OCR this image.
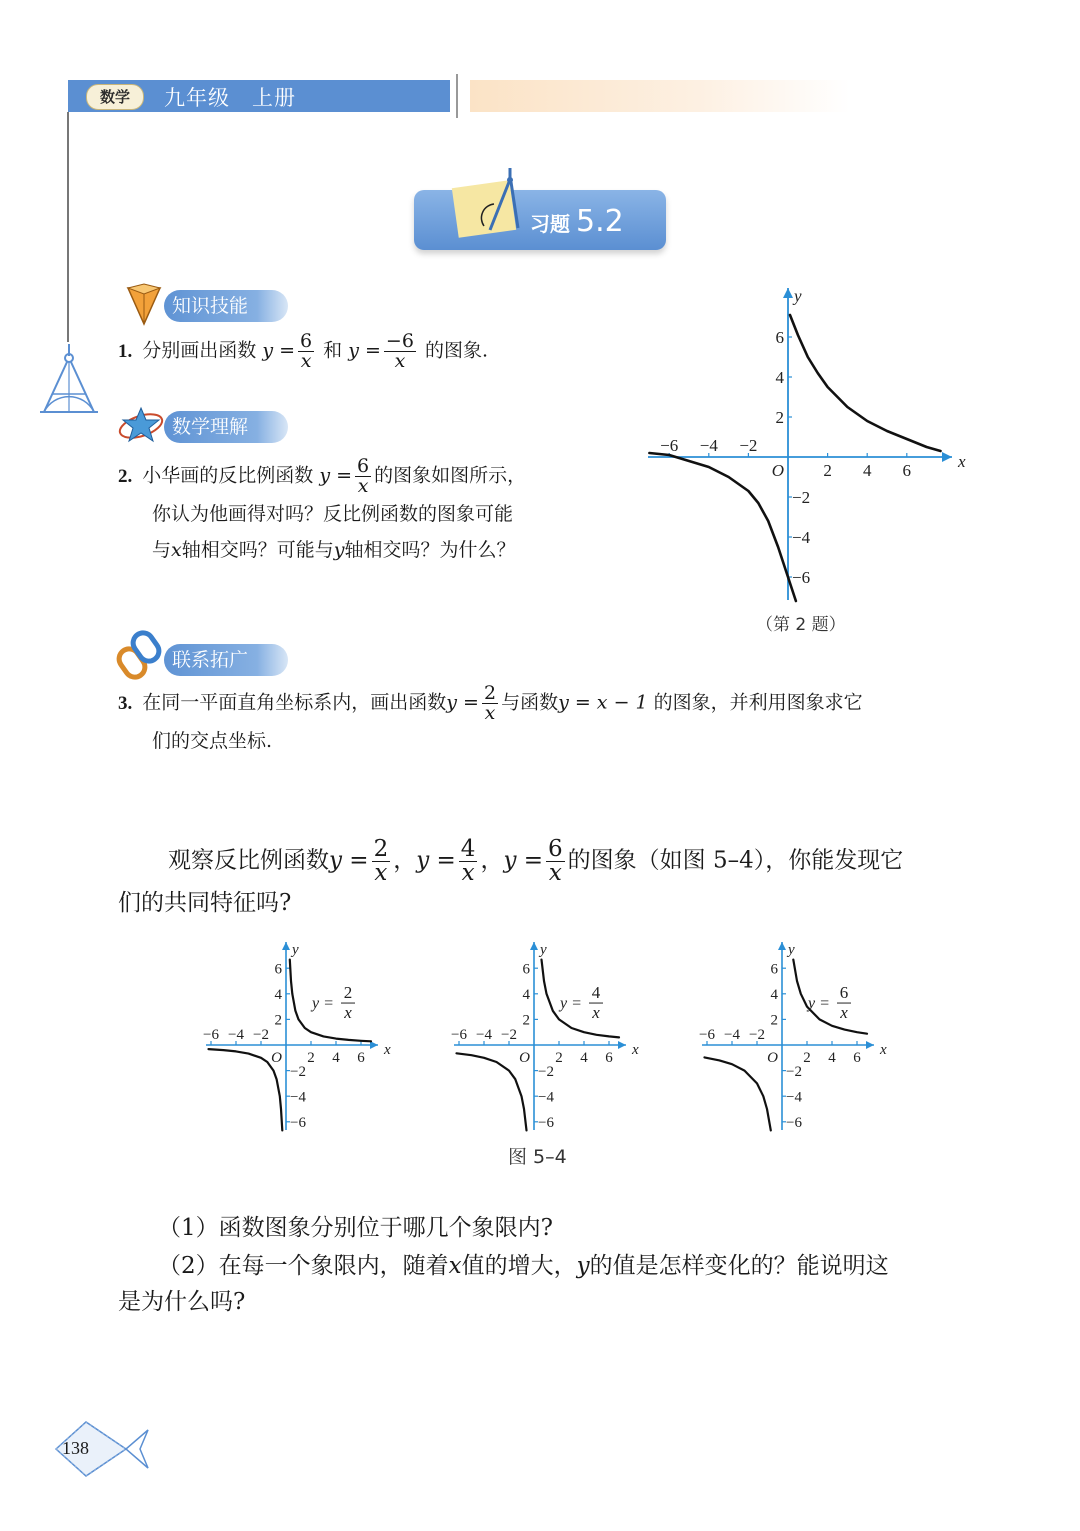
数学	九年级　上册
习题 5.2
知识技能
1. 分别画出函数 $y = \frac{6}{x}$ 和 $y = \frac{-6}{x}$ 的图象.
数学理解
2. 小华画的反比例函数 $y = \frac{6}{x}$ 的图象如图所示，
你认为他画得对吗？反比例函数的图象可能
与x轴相交吗？可能与y轴相交吗？为什么？
−6 −4 −2
2 4 6
6
4
2
−2
−4
−6
O	x
y
（第 2 题）
联系拓广
3. 在同一平面直角坐标系内，画出函数$y = \frac{2}{x}$ 与函数y = x − 1 的图象，并利用图象求它
们的交点坐标.
观察反比例函数$y = \frac{2}{x}$ ，$y = \frac{4}{x}$ ，$y = \frac{6}{x}$ 的图象（如图 5–4），你能发现它
们的共同特征吗?
−6 −4 −2
2 4 6
6
4
2
−2
−4
−6
O	x
y
y =
2
x
−6 −4 −2
2 4 6
6
4
2
−2
−4
−6
O	x
y
y =
4
x
−6 −4 −2
2 4 6
6
4
2
−2
−4
−6
O	x
y
y =
6
x
图 5–4
（1）函数图象分别位于哪几个象限内?
（2）在每一个象限内，随着x值的增大，y的值是怎样变化的？能说明这
是为什么吗?
138
